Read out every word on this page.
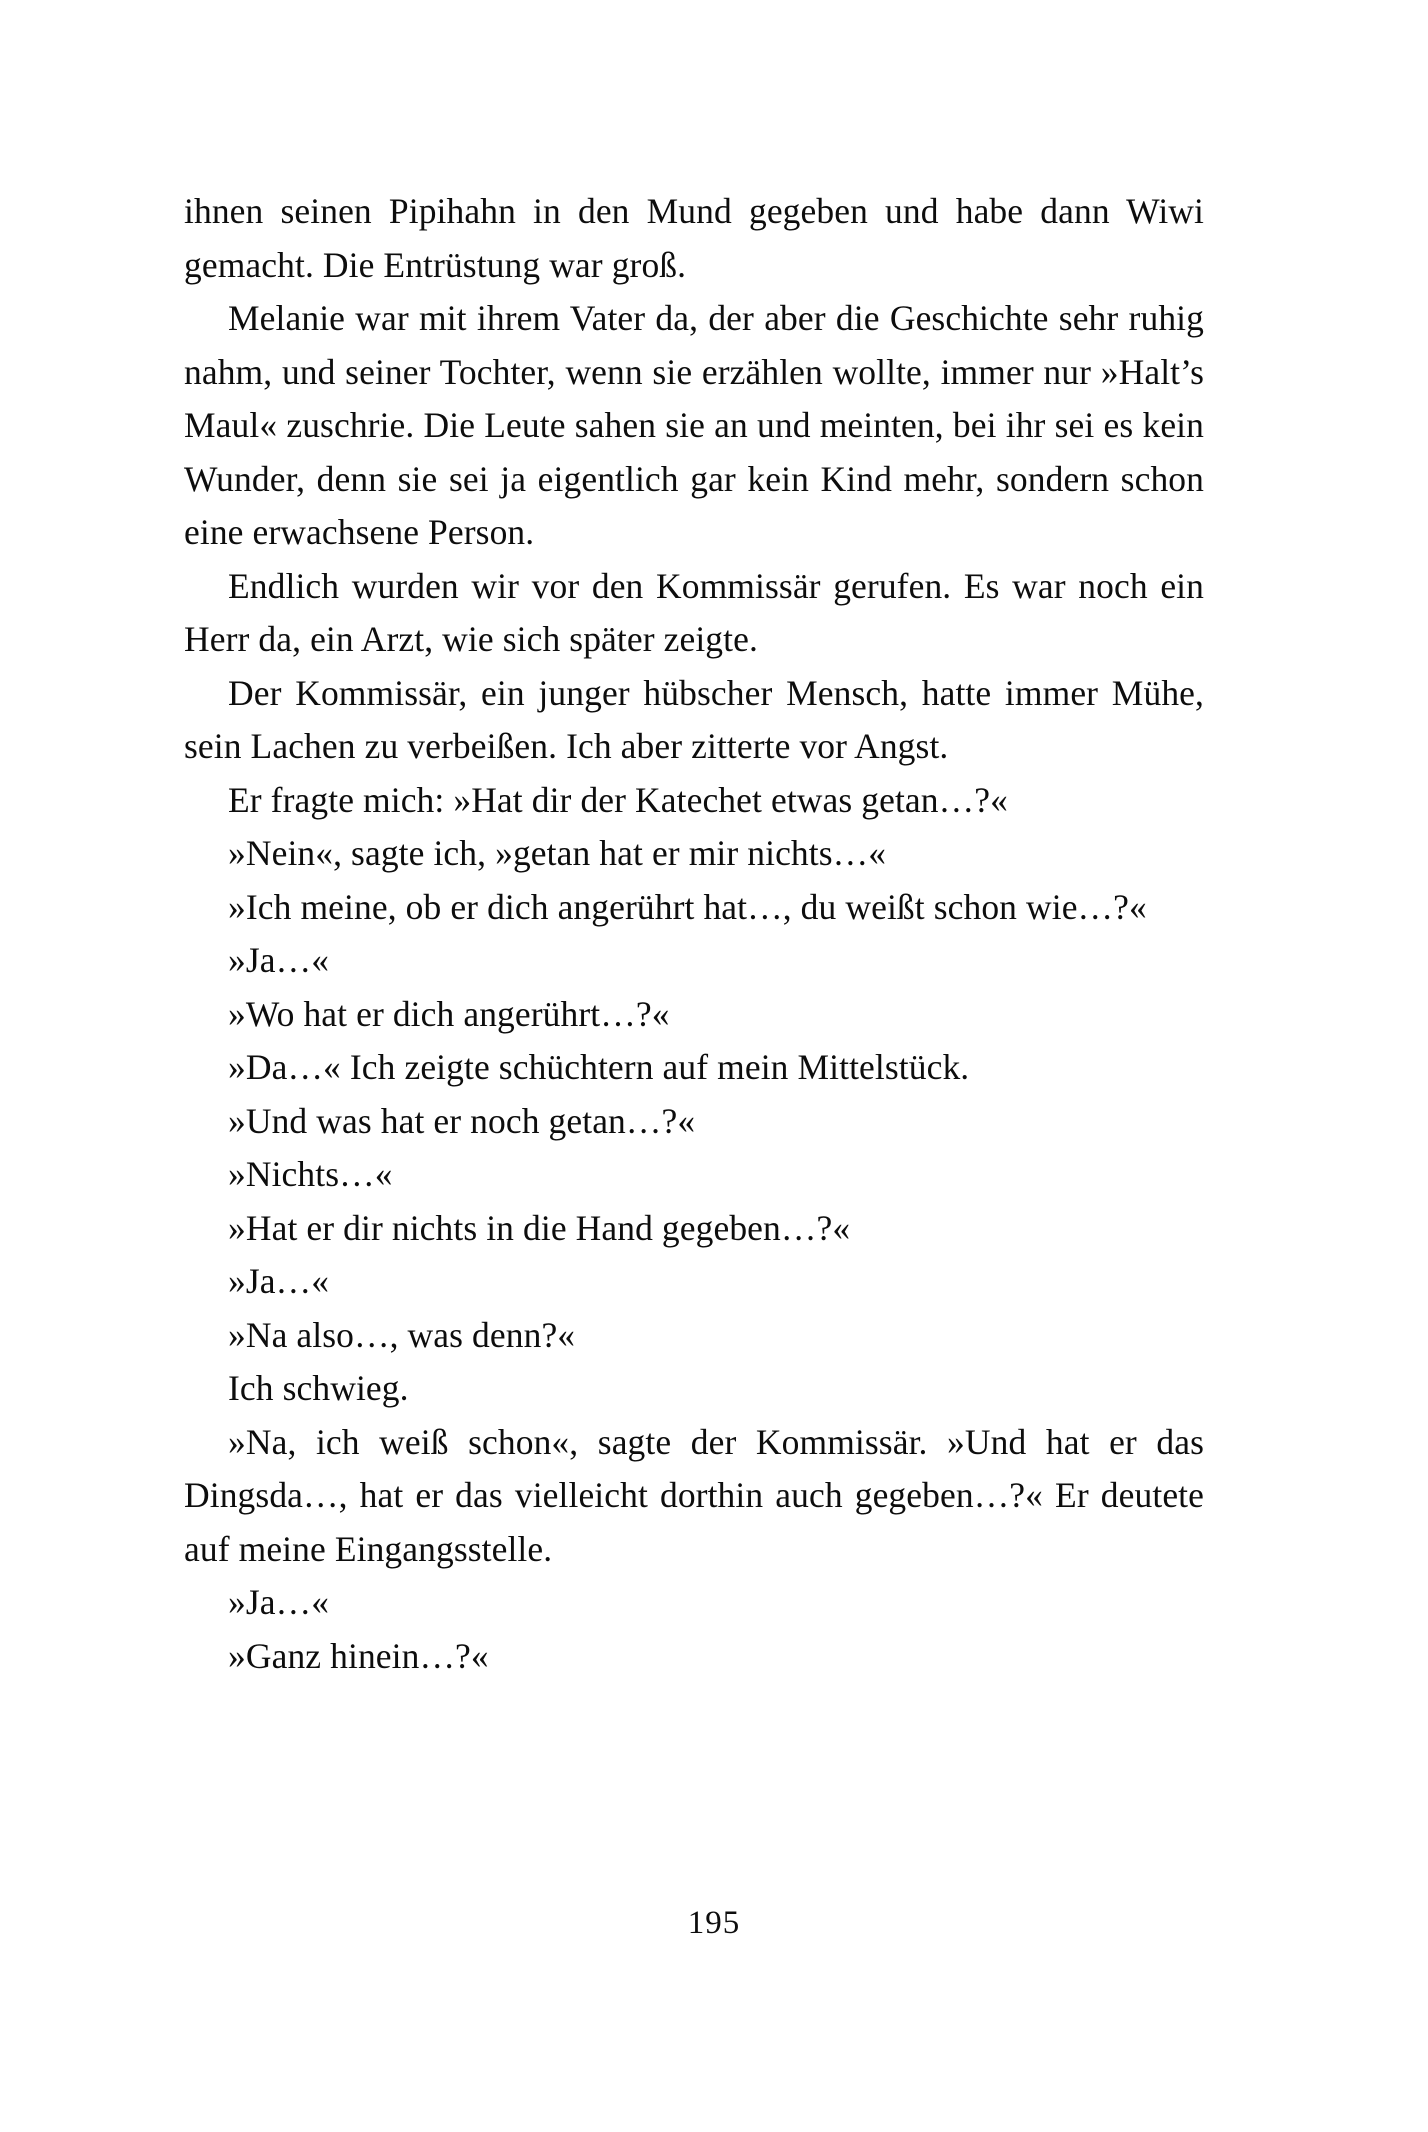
ihnen seinen Pipihahn in den Mund gegeben und habe dann Wiwi gemacht. Die Entrüstung war groß.

Melanie war mit ihrem Vater da, der aber die Geschichte sehr ruhig nahm, und seiner Tochter, wenn sie erzählen wollte, immer nur »Halt’s Maul« zuschrie. Die Leute sahen sie an und meinten, bei ihr sei es kein Wunder, denn sie sei ja eigentlich gar kein Kind mehr, sondern schon eine erwachsene Person.

Endlich wurden wir vor den Kommissär gerufen. Es war noch ein Herr da, ein Arzt, wie sich später zeigte.

Der Kommissär, ein junger hübscher Mensch, hatte immer Mühe, sein Lachen zu verbeißen. Ich aber zitterte vor Angst.

Er fragte mich: »Hat dir der Katechet etwas getan…?«

»Nein«, sagte ich, »getan hat er mir nichts…«

»Ich meine, ob er dich angerührt hat…, du weißt schon wie…?«

»Ja…«

»Wo hat er dich angerührt…?«

»Da…« Ich zeigte schüchtern auf mein Mittelstück.

»Und was hat er noch getan…?«

»Nichts…«

»Hat er dir nichts in die Hand gegeben…?«

»Ja…«

»Na also…, was denn?«

Ich schwieg.

»Na, ich weiß schon«, sagte der Kommissär. »Und hat er das Dingsda…, hat er das vielleicht dorthin auch gegeben…?« Er deutete auf meine Eingangsstelle.

»Ja…«

»Ganz hinein…?«

195
